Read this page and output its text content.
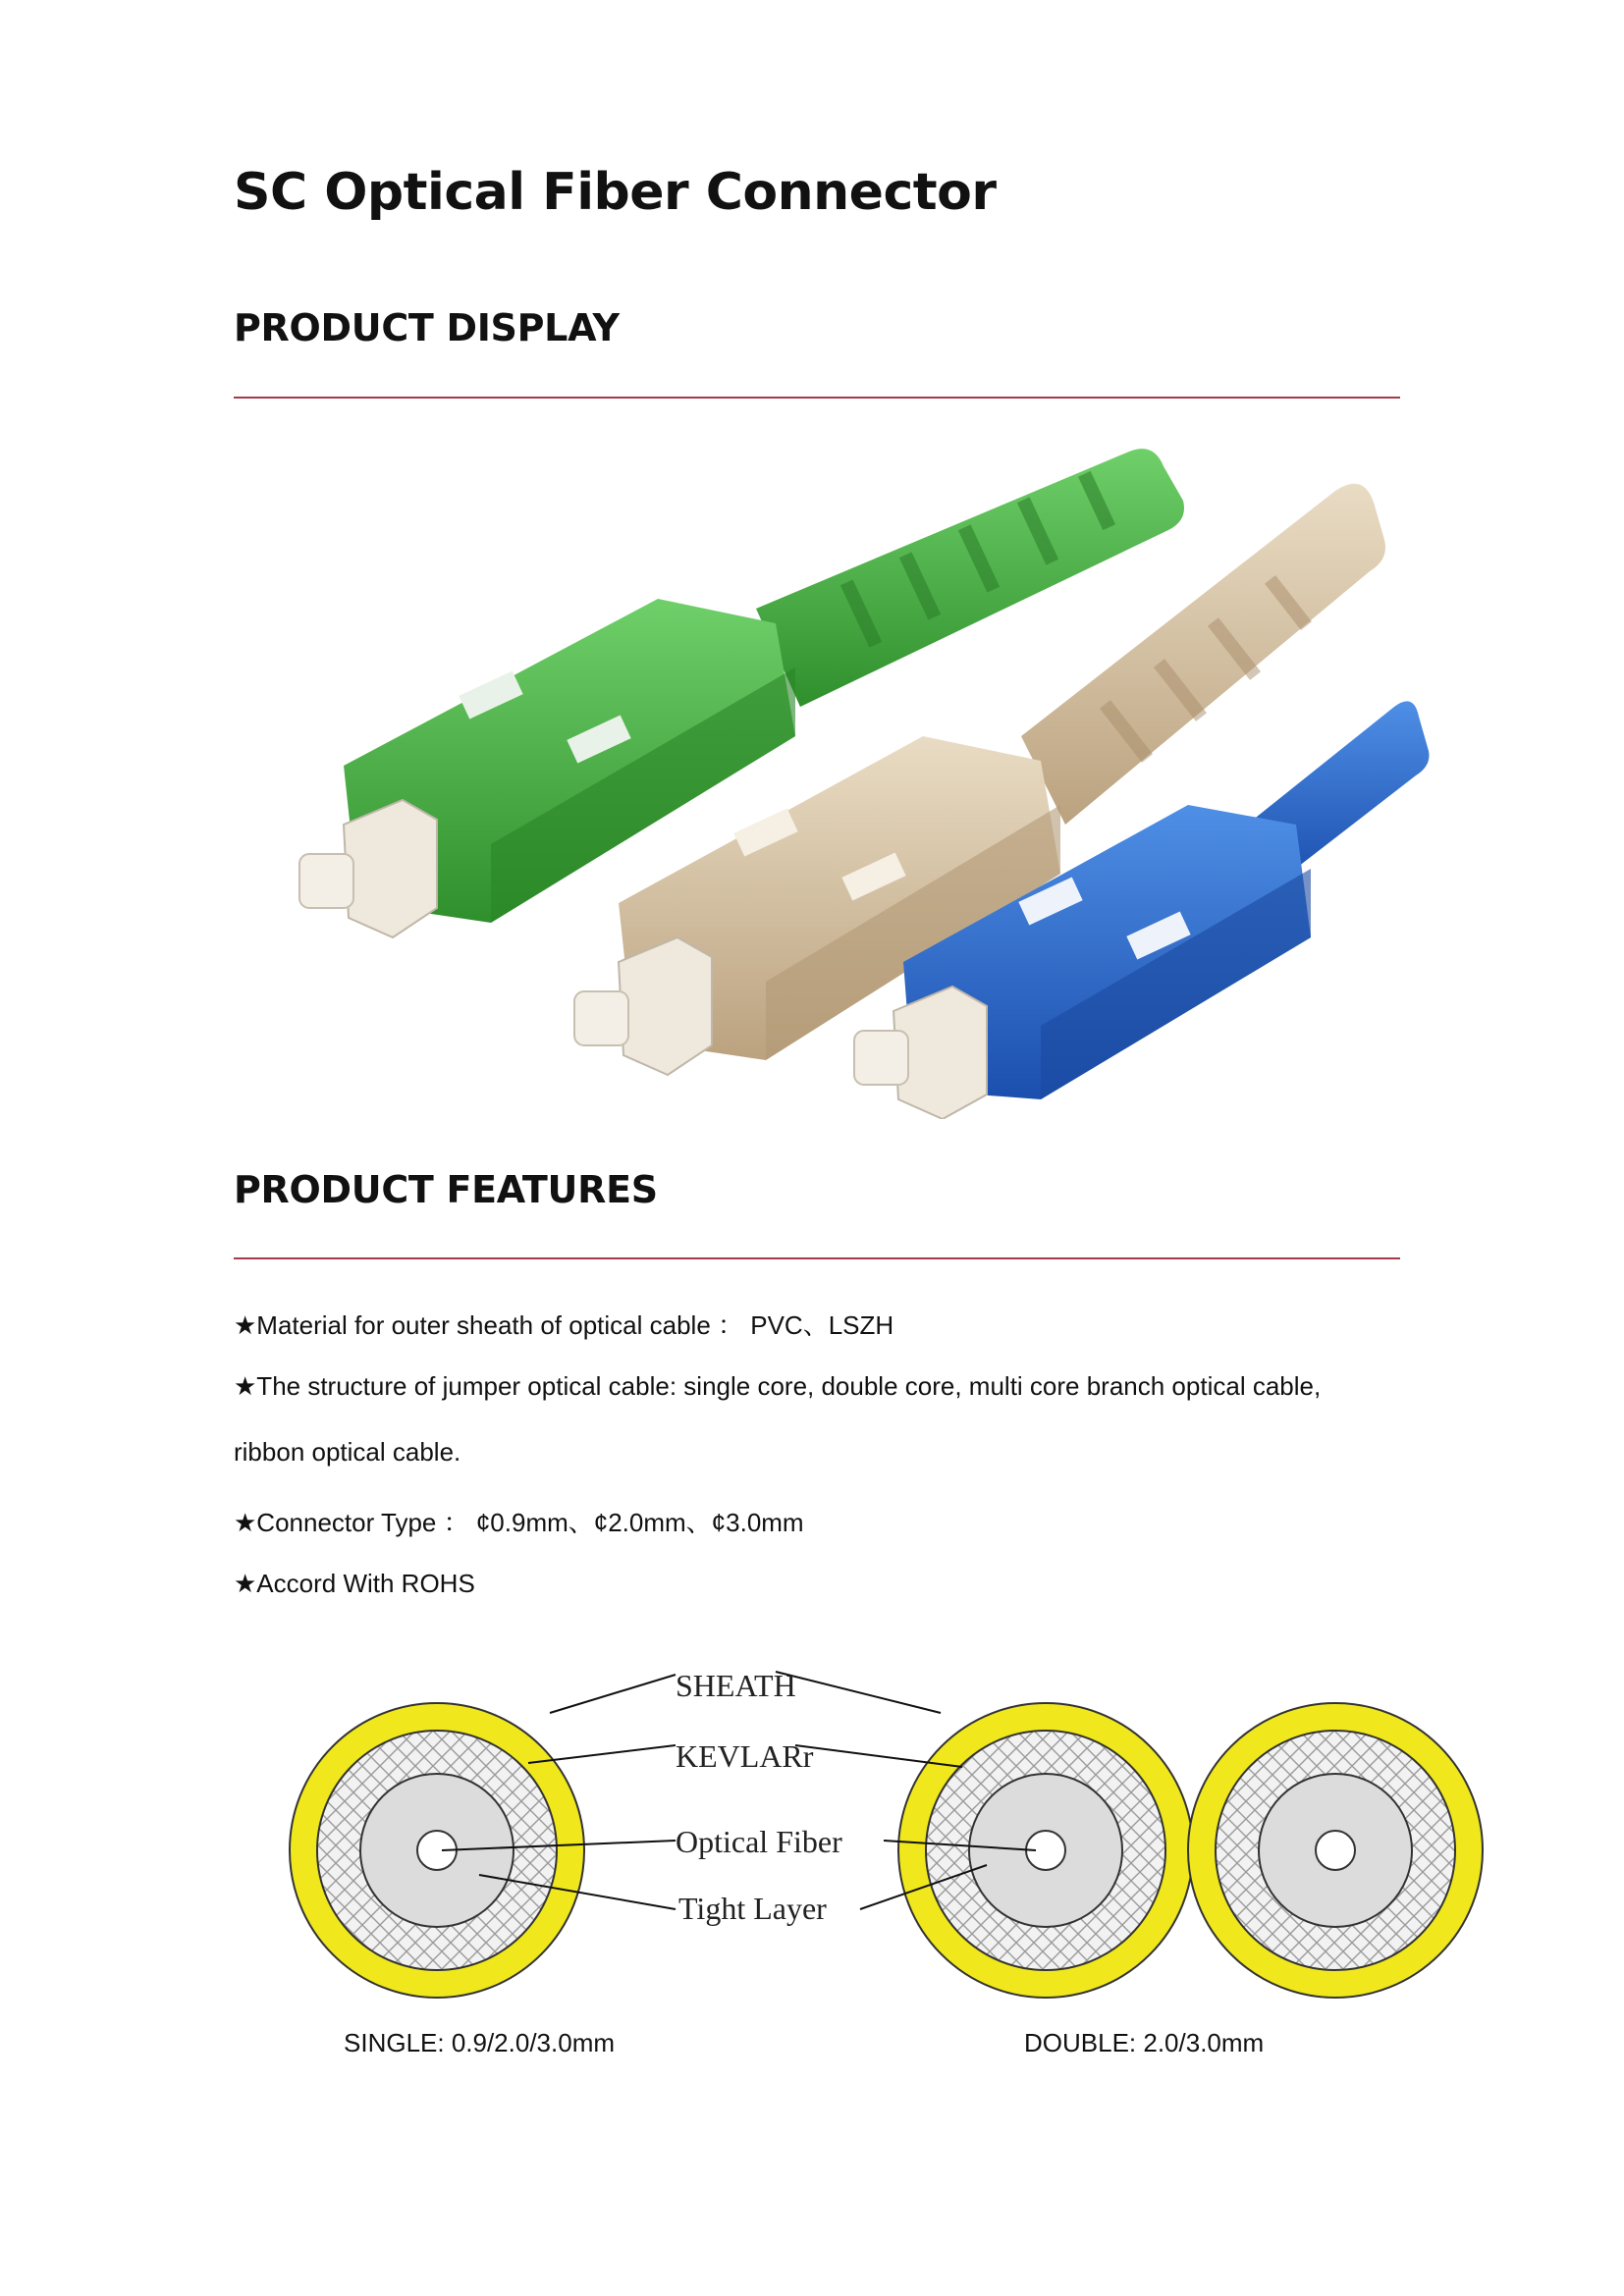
SC Optical Fiber Connector
PRODUCT DISPLAY
PRODUCT FEATURES

★Material for outer sheath of optical cable ： PVC、LSZH

★The structure of jumper optical cable: single core, double core, multi core branch optical cable,

ribbon optical cable.

★Connector Type ： ¢0.9mm、¢2.0mm、¢3.0mm

★Accord With ROHS

SHEATH
KEVLARr
Optical Fiber
Tight Layer

SINGLE: 0.9/2.0/3.0mm	DOUBLE: 2.0/3.0mm
